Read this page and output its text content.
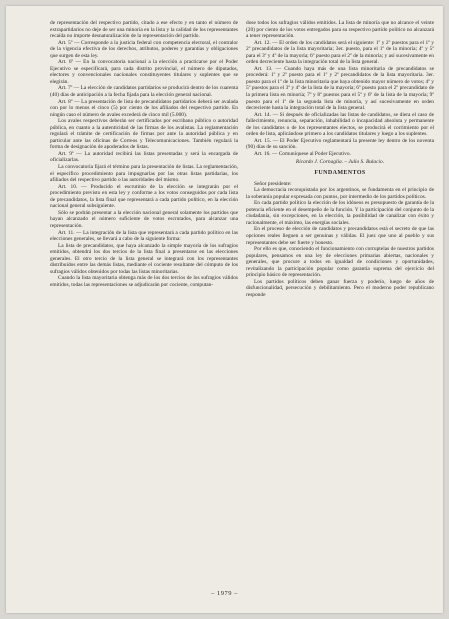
de representación del respectivo partido, citado a ese efecto y en tanto el número de extrapartidarios no deje de ser una minoría en la lista y la calidad de los representantes recaída no importe desnaturalización de la representación del partido.

Art. 5º — Corresponde a la justicia federal con competencia electoral, el contralor de la vigencia efectiva de los derechos, atributos, poderes y garantías y obligaciones que surgen de esta ley.

Art. 6º — En la convocatoria nacional a la elección a practicarse por el Poder Ejecutivo se especificará, para cada distrito provincial, el número de diputados, electores y convencionales nacionales constituyentes titulares y suplentes que se elegirán.

Art. 7º — La elección de candidatos partidarios se producirá dentro de los cuarenta (40) días de anticipación a la fecha fijada para la elección general nacional.

Art. 8º — La presentación de lista de precandidatos partidarios deberá ser avalada con por lo menos el cinco (5) por ciento de los afiliados del respectivo partido. En ningún caso el número de avales excederá de cinco mil (5.000).

Los avales respectivos deberán ser certificados por escribano público o autoridad pública, en cuanto a la autenticidad de las firmas de los avalistas. La reglamentación regulará el trámite de certificación de firmas por ante la autoridad pública y en particular ante las oficinas de Correos y Telecomunicaciones. También regulará la forma de designación de apoderados de listas.

Art. 9º — La autoridad recibirá las listas presentadas y será la encargada de oficializarlas.

La convocatoria fijará el término para la presentación de listas. La reglamentación, el específico procedimiento para impugnarlas por las otras listas partidarias, los afiliados del respectivo partido o las autoridades del mismo.

Art. 10. — Producido el escrutinio de la elección se integrarán por el procedimiento previsto en esta ley y conforme a los votos conseguidos por cada lista de precandidatos, la lista final que representará a cada partido político, en la elección nacional general subsiguiente.

Sólo se podrán presentar a la elección nacional general solamente los partidos que hayan alcanzado el número suficiente de votos escrutados, para alcanzar una representación.

Art. 11. — La integración de la lista que representará a cada partido político en las elecciones generales, se llevará a cabo de la siguiente forma:

La lista de precandidatos, que haya alcanzado la simple mayoría de los sufragios emitidos, obtendrá los dos tercios de la lista final a presentarse en las elecciones generales. El otro tercio de la lista general se integrará con los representantes distribuidos entre las demás listas, mediante el cociente resultante del cómputo de los sufragios válidos obtenidos por todas las listas minoritarias.

Cuando la lista mayoritaria obtenga más de los dos tercios de los sufragios válidos emitidos, todas las representaciones se adjudicarán por cociente, computan-

dose todos los sufragios válidos emitidos. La lista de minoría que no alcance el veinte (20) por ciento de los votos entregados para su respectivo partido político no alcanzará a tener representación.

Art. 12. — El orden de los candidatos será el siguiente: 1º y 2º puestos para el 1º y 2º precandidatos de la lista mayoritaria; 3er. puesto, para el 1º de la minoría; 4º y 5º para el 3º y 4º de la mayoría; 6º puesto para el 2º de la minoría; y así sucesivamente en orden decreciente hasta la integración total de la lista general.

Art. 13. — Cuando haya más de una lista minoritaria de precandidatos se procederá: 1º y 2º puesto para el 1º y 2º precandidatos de la lista mayoritaria. 3er. puesto para el 1º de la lista minoritaria que haya obtenido mayor número de votos; 4º y 5º puestos para el 3º y 4º de la lista de la mayoría; 6º puesto para el 2º precandidato de la primera lista en minoría; 7º y 8º puestos para el 5º y 6º de la lista de la mayoría; 9º puesto para el 1º de la segunda lista de minoría, y así sucesivamente en orden decreciente hasta la integración total de la lista general.

Art. 14. — Si después de oficializadas las listas de candidatos, se diera el caso de fallecimiento, renuncia, separación, inhabilidad o incapacidad absoluta y permanente de los candidatos o de los representantes electos, se producirá el corrimiento por el orden de lista, aplicándose primero a los candidatos titulares y luego a los suplentes.

Art. 15. — El Poder Ejecutivo reglamentará la presente ley dentro de los noventa (90) días de su sanción.

Art. 16. — Comuníquese al Poder Ejecutivo.

Ricardo J. Cornaglia. – Julio S. Bulacio.

FUNDAMENTOS

Señor presidente:

La democracia reconquistada por los argentinos, se fundamenta en el principio de la soberanía popular expresada con puntos, por intermedio de los partidos políticos.

En cada partido político la elección de los idóneos es presupuesto de garantía de la potencia eficiente en el desempeño de la función. Y la participación del conjunto de la ciudadanía, sin excepciones, en la elección, la posibilidad de canalizar con éxito y racionalmente, el máximo, las energías sociales.

En el proceso de elección de candidatos y precandidatos está el secreto de que las opciones reales lleguen a ser genuinas y válidas. El juez que uno al pueblo y sus representantes debe ser fuerte y honesto.

Por ello es que, conociendo el funcionamiento con corruptelas de nuestros partidos populares, pensamos en una ley de elecciones primarias abiertas, nacionales y generales, que procure a todos en igualdad de condiciones y oportunidades, revitalizando la participación popular como garantía suprema del ejercicio del principio básico de representación.

Los partidos políticos deben ganar fuerza y poderío, luego de años de disfuncionalidad, persecución y debilitamiento. Pero el moderno poder republicano responde

– 1979 –
